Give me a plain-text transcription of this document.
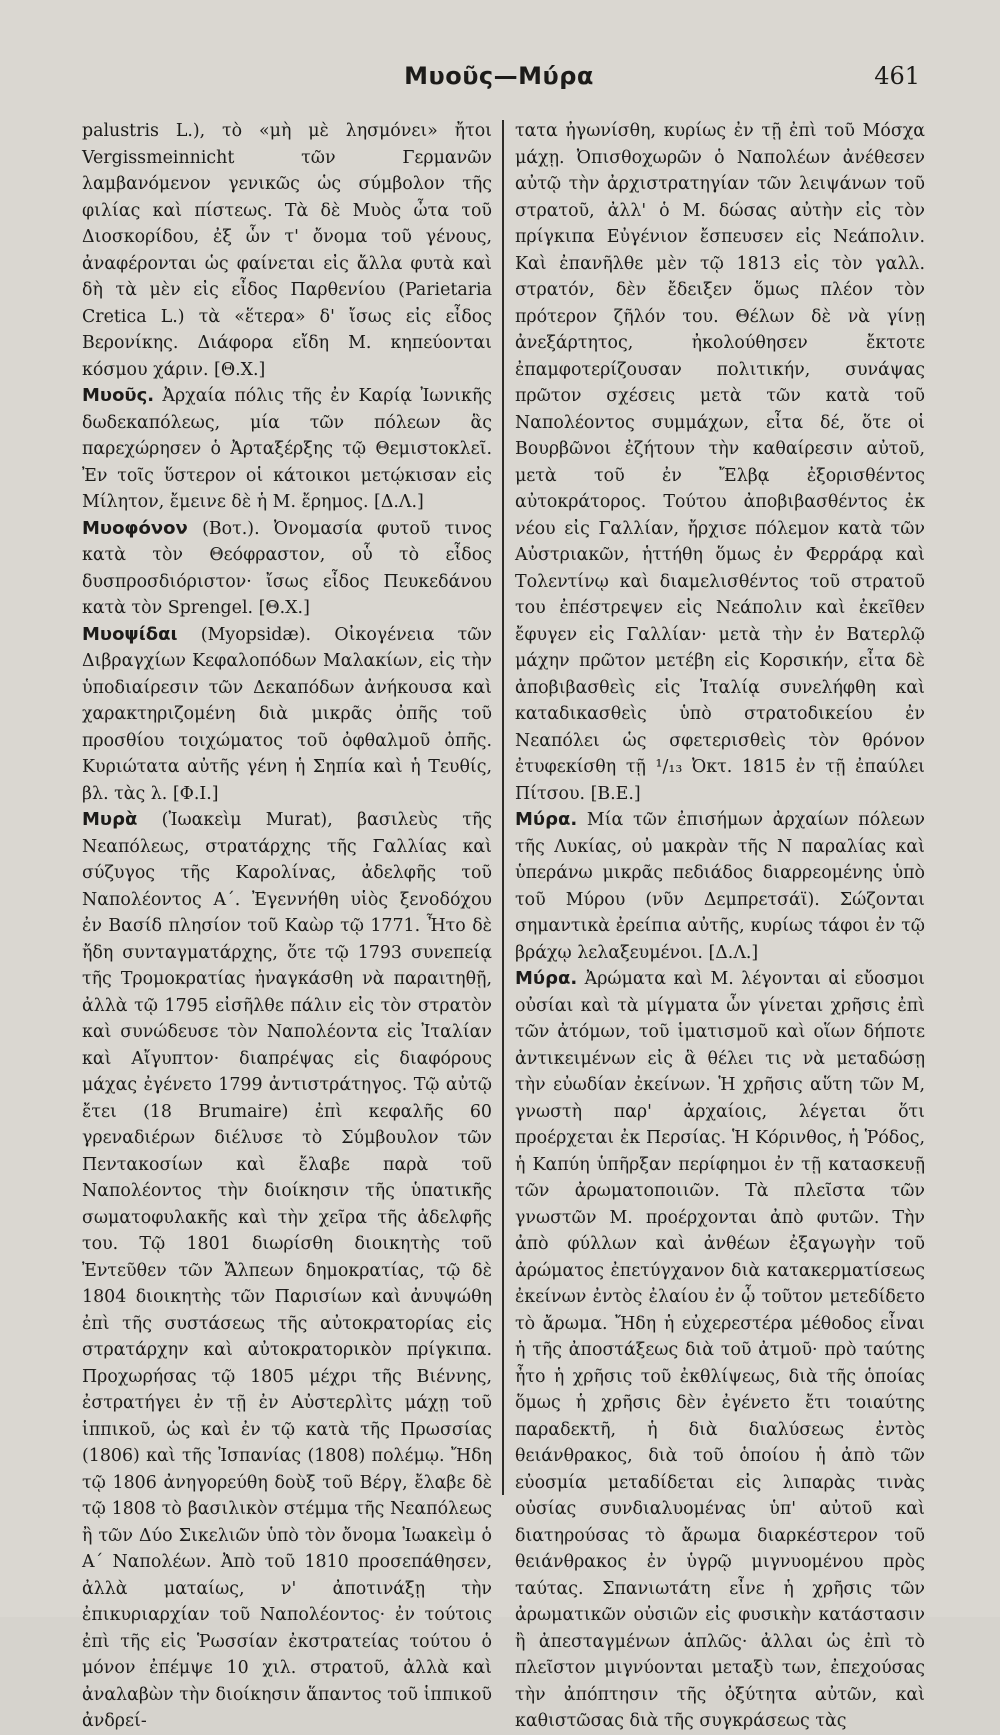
Μυοῦς—Μύρα	461

palustris L.), τὸ «μὴ μὲ λησμόνει» ἤτοι Vergissmeinnicht τῶν Γερμανῶν λαμβανόμενον γενικῶς ὡς σύμβολον τῆς φιλίας καὶ πίστεως. Τὰ δὲ Μυὸς ὦτα τοῦ Διοσκορίδου, ἐξ ὧν τ' ὄνομα τοῦ γένους, ἀναφέρονται ὡς φαίνεται εἰς ἄλλα φυτὰ καὶ δὴ τὰ μὲν εἰς εἶδος Παρθενίου (Parietaria Cretica L.) τὰ «ἕτερα» δ' ἴσως εἰς εἶδος Βερονίκης. Διάφορα εἴδη Μ. κηπεύονται κόσμου χάριν. [Θ.Χ.]

Μυοῦς. Ἀρχαία πόλις τῆς ἐν Καρίᾳ Ἰωνικῆς δωδεκαπόλεως, μία τῶν πόλεων ἃς παρεχώρησεν ὁ Ἀρταξέρξης τῷ Θεμιστοκλεῖ. Ἐν τοῖς ὕστερον οἱ κάτοικοι μετῴκισαν εἰς Μίλητον, ἔμεινε δὲ ἡ Μ. ἔρημος. [Δ.Λ.]

Μυοφόνον (Βοτ.). Ὀνομασία φυτοῦ τινος κατὰ τὸν Θεόφραστον, οὗ τὸ εἶδος δυσπροσδιόριστον· ἴσως εἶδος Πευκεδάνου κατὰ τὸν Sprengel. [Θ.Χ.]

Μυοψίδαι (Myopsidæ). Οἰκογένεια τῶν Διβραγχίων Κεφαλοπόδων Μαλακίων, εἰς τὴν ὑποδιαίρεσιν τῶν Δεκαπόδων ἀνήκουσα καὶ χαρακτηριζομένη διὰ μικρᾶς ὀπῆς τοῦ προσθίου τοιχώματος τοῦ ὀφθαλμοῦ ὀπῆς. Κυριώτατα αὐτῆς γένη ἡ Σηπία καὶ ἡ Τευθίς, βλ. τὰς λ. [Φ.Ι.]

Μυρὰ (Ἰωακεὶμ Murat), βασιλεὺς τῆς Νεαπόλεως, στρατάρχης τῆς Γαλλίας καὶ σύζυγος τῆς Καρολίνας, ἀδελφῆς τοῦ Ναπολέοντος Α΄. Ἐγεννήθη υἱὸς ξενοδόχου ἐν Βασίδ πλησίον τοῦ Καὼρ τῷ 1771. Ἦτο δὲ ἤδη συνταγματάρχης, ὅτε τῷ 1793 συνεπείᾳ τῆς Τρομοκρατίας ἠναγκάσθη νὰ παραιτηθῇ, ἀλλὰ τῷ 1795 εἰσῆλθε πάλιν εἰς τὸν στρατὸν καὶ συνώδευσε τὸν Ναπολέοντα εἰς Ἰταλίαν καὶ Αἴγυπτον· διαπρέψας εἰς διαφόρους μάχας ἐγένετο 1799 ἀντιστράτηγος. Τῷ αὐτῷ ἔτει (18 Brumaire) ἐπὶ κεφαλῆς 60 γρεναδιέρων διέλυσε τὸ Σύμβουλον τῶν Πεντακοσίων καὶ ἔλαβε παρὰ τοῦ Ναπολέοντος τὴν διοίκησιν τῆς ὑπατικῆς σωματοφυλακῆς καὶ τὴν χεῖρα τῆς ἀδελφῆς του. Τῷ 1801 διωρίσθη διοικητὴς τοῦ Ἐντεῦθεν τῶν Ἄλπεων δημοκρατίας, τῷ δὲ 1804 διοικητὴς τῶν Παρισίων καὶ ἀνυψώθη ἐπὶ τῆς συστάσεως τῆς αὐτοκρατορίας εἰς στρατάρχην καὶ αὐτοκρατορικὸν πρίγκιπα. Προχωρήσας τῷ 1805 μέχρι τῆς Βιέννης, ἐστρατήγει ἐν τῇ ἐν Αὐστερλὶτς μάχῃ τοῦ ἱππικοῦ, ὡς καὶ ἐν τῷ κατὰ τῆς Πρωσσίας (1806) καὶ τῆς Ἰσπανίας (1808) πολέμῳ. Ἤδη τῷ 1806 ἀνηγορεύθη δοὺξ τοῦ Βέργ, ἔλαβε δὲ τῷ 1808 τὸ βασιλικὸν στέμμα τῆς Νεαπόλεως ἢ τῶν Δύο Σικελιῶν ὑπὸ τὸν ὄνομα Ἰωακεὶμ ὁ Α΄ Ναπολέων. Ἀπὸ τοῦ 1810 προσεπάθησεν, ἀλλὰ ματαίως, ν' ἀποτινάξῃ τὴν ἐπικυριαρχίαν τοῦ Ναπολέοντος· ἐν τούτοις ἐπὶ τῆς εἰς Ῥωσσίαν ἐκστρατείας τούτου ὁ μόνον ἐπέμψε 10 χιλ. στρατοῦ, ἀλλὰ καὶ ἀναλαβὼν τὴν διοίκησιν ἅπαντος τοῦ ἱππικοῦ ἀνδρεί-

τατα ἠγωνίσθη, κυρίως ἐν τῇ ἐπὶ τοῦ Μόσχα μάχῃ. Ὀπισθοχωρῶν ὁ Ναπολέων ἀνέθεσεν αὐτῷ τὴν ἀρχιστρατηγίαν τῶν λειψάνων τοῦ στρατοῦ, ἀλλ' ὁ Μ. δώσας αὐτὴν εἰς τὸν πρίγκιπα Εὐγένιον ἔσπευσεν εἰς Νεάπολιν. Καὶ ἐπανῆλθε μὲν τῷ 1813 εἰς τὸν γαλλ. στρατόν, δὲν ἔδειξεν ὅμως πλέον τὸν πρότερον ζῆλόν του. Θέλων δὲ νὰ γίνῃ ἀνεξάρτητος, ἠκολούθησεν ἔκτοτε ἐπαμφοτερίζουσαν πολιτικήν, συνάψας πρῶτον σχέσεις μετὰ τῶν κατὰ τοῦ Ναπολέοντος συμμάχων, εἶτα δέ, ὅτε οἱ Βουρβῶνοι ἐζήτουν τὴν καθαίρεσιν αὐτοῦ, μετὰ τοῦ ἐν Ἔλβᾳ ἐξορισθέντος αὐτοκράτορος. Τούτου ἀποβιβασθέντος ἐκ νέου εἰς Γαλλίαν, ἤρχισε πόλεμον κατὰ τῶν Αὐστριακῶν, ἡττήθη ὅμως ἐν Φερράρᾳ καὶ Τολεντίνῳ καὶ διαμελισθέντος τοῦ στρατοῦ του ἐπέστρεψεν εἰς Νεάπολιν καὶ ἐκεῖθεν ἔφυγεν εἰς Γαλλίαν· μετὰ τὴν ἐν Βατερλῷ μάχην πρῶτον μετέβη εἰς Κορσικήν, εἶτα δὲ ἀποβιβασθεὶς εἰς Ἰταλίᾳ συνελήφθη καὶ καταδικασθεὶς ὑπὸ στρατοδικείου ἐν Νεαπόλει ὡς σφετερισθεὶς τὸν θρόνον ἐτυφεκίσθη τῇ ¹/₁₃ Ὀκτ. 1815 ἐν τῇ ἐπαύλει Πίτσου. [Β.Ε.]

Μύρα. Μία τῶν ἐπισήμων ἀρχαίων πόλεων τῆς Λυκίας, οὐ μακρὰν τῆς Ν παραλίας καὶ ὑπεράνω μικρᾶς πεδιάδος διαρρεομένης ὑπὸ τοῦ Μύρου (νῦν Δεμπρετσάϊ). Σώζονται σημαντικὰ ἐρείπια αὐτῆς, κυρίως τάφοι ἐν τῷ βράχῳ λελαξευμένοι. [Δ.Λ.]

Μύρα. Ἀρώματα καὶ Μ. λέγονται αἱ εὔοσμοι οὐσίαι καὶ τὰ μίγματα ὧν γίνεται χρῆσις ἐπὶ τῶν ἀτόμων, τοῦ ἱματισμοῦ καὶ οἵων δήποτε ἀντικειμένων εἰς ἃ θέλει τις νὰ μεταδώσῃ τὴν εὐωδίαν ἐκείνων. Ἡ χρῆσις αὕτη τῶν Μ, γνωστὴ παρ' ἀρχαίοις, λέγεται ὅτι προέρχεται ἐκ Περσίας. Ἡ Κόρινθος, ἡ Ῥόδος, ἡ Καπύη ὑπῆρξαν περίφημοι ἐν τῇ κατασκευῇ τῶν ἀρωματοποιιῶν. Τὰ πλεῖστα τῶν γνωστῶν Μ. προέρχονται ἀπὸ φυτῶν. Τὴν ἀπὸ φύλλων καὶ ἀνθέων ἐξαγωγὴν τοῦ ἀρώματος ἐπετύγχανον διὰ κατακερματίσεως ἐκείνων ἐντὸς ἐλαίου ἐν ᾧ τοῦτον μετεδίδετο τὸ ἄρωμα. Ἤδη ἡ εὐχερεστέρα μέθοδος εἶναι ἡ τῆς ἀποστάξεως διὰ τοῦ ἀτμοῦ· πρὸ ταύτης ἦτο ἡ χρῆσις τοῦ ἐκθλίψεως, διὰ τῆς ὁποίας ὅμως ἡ χρῆσις δὲν ἐγένετο ἔτι τοιαύτης παραδεκτῆ, ἡ διὰ διαλύσεως ἐντὸς θειάνθρακος, διὰ τοῦ ὁποίου ἡ ἀπὸ τῶν εὐοσμία μεταδίδεται εἰς λιπαρὰς τινὰς οὐσίας συνδιαλυομένας ὑπ' αὐτοῦ καὶ διατηρούσας τὸ ἄρωμα διαρκέστερον τοῦ θειάνθρακος ἐν ὑγρῷ μιγνυομένου πρὸς ταύτας. Σπανιωτάτη εἶνε ἡ χρῆσις τῶν ἀρωματικῶν οὐσιῶν εἰς φυσικὴν κατάστασιν ἢ ἀπεσταγμένων ἁπλῶς· ἀλλαι ὡς ἐπὶ τὸ πλεῖστον μιγνύονται μεταξὺ των, ἐπεχούσας τὴν ἀπόπτησιν τῆς ὀξύτητα αὐτῶν, καὶ καθιστῶσας διὰ τῆς συγκράσεως τὰς
